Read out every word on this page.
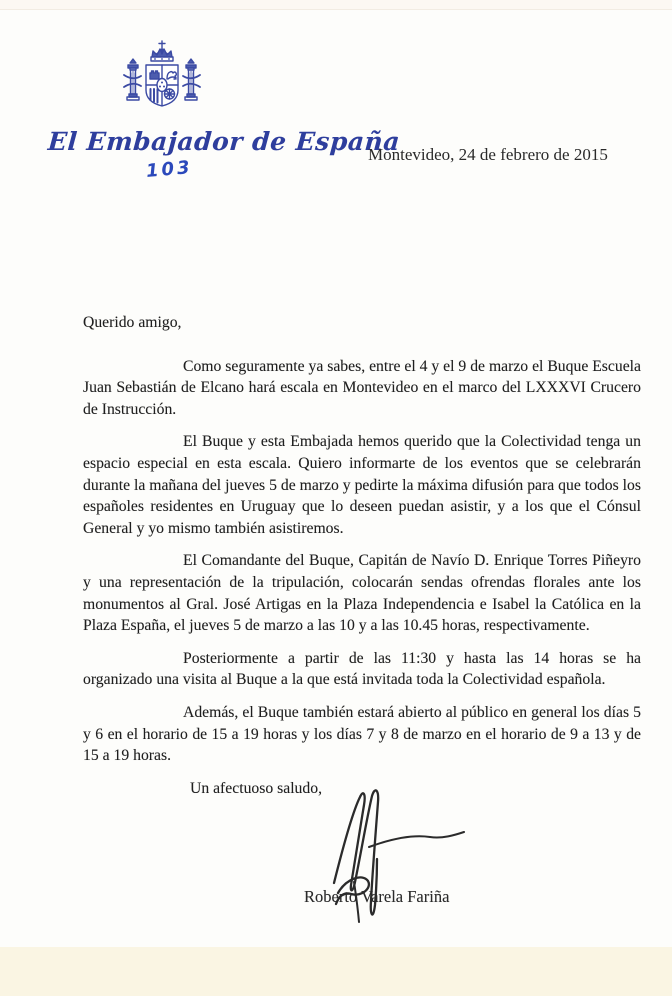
El Embajador de España
103
Montevideo, 24 de febrero de 2015

Querido amigo,

Como seguramente ya sabes, entre el 4 y el 9 de marzo el Buque Escuela Juan Sebastián de Elcano hará escala en Montevideo en el marco del LXXXVI Crucero de Instrucción.

El Buque y esta Embajada hemos querido que la Colectividad tenga un espacio especial en esta escala. Quiero informarte de los eventos que se celebrarán durante la mañana del jueves 5 de marzo y pedirte la máxima difusión para que todos los españoles residentes en Uruguay que lo deseen puedan asistir, y a los que el Cónsul General y yo mismo también asistiremos.

El Comandante del Buque, Capitán de Navío D. Enrique Torres Piñeyro y una representación de la tripulación, colocarán sendas ofrendas florales ante los monumentos al Gral. José Artigas en la Plaza Independencia e Isabel la Católica en la Plaza España, el jueves 5 de marzo a las 10 y a las 10.45 horas, respectivamente.

Posteriormente a partir de las 11:30 y hasta las 14 horas se ha organizado una visita al Buque a la que está invitada toda la Colectividad española.

Además, el Buque también estará abierto al público en general los días 5 y 6 en el horario de 15 a 19 horas y los días 7 y 8 de marzo en el horario de 9 a 13 y de 15 a 19 horas.

Un afectuoso saludo,

Roberto Varela Fariña
